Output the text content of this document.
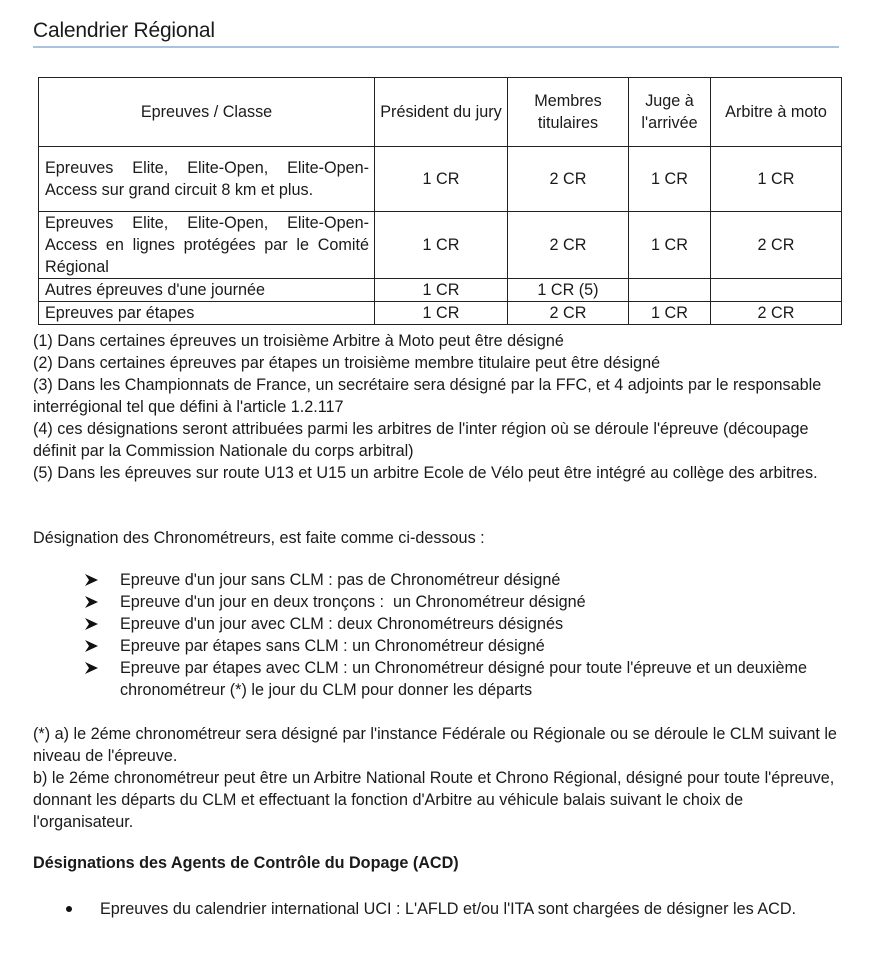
Calendrier Régional
Epreuves / Classe	Président du jury	Membres titulaires	Juge à l'arrivée	Arbitre à moto
Epreuves Elite, Elite-Open, Elite-Open-Access sur grand circuit 8 km et plus.	1 CR	2 CR	1 CR	1 CR
Epreuves Elite, Elite-Open, Elite-Open-Access en lignes protégées par le Comité Régional	1 CR	2 CR	1 CR	2 CR
Autres épreuves d'une journée	1 CR	1 CR (5)		
Epreuves par étapes	1 CR	2 CR	1 CR	2 CR

(1) Dans certaines épreuves un troisième Arbitre à Moto peut être désigné

(2) Dans certaines épreuves par étapes un troisième membre titulaire peut être désigné

(3) Dans les Championnats de France, un secrétaire sera désigné par la FFC, et 4 adjoints par le responsable interrégional tel que défini à l'article 1.2.117

(4) ces désignations seront attribuées parmi les arbitres de l'inter région où se déroule l'épreuve (découpage définit par la Commission Nationale du corps arbitral)

(5) Dans les épreuves sur route U13 et U15 un arbitre Ecole de Vélo peut être intégré au collège des arbitres.

Désignation des Chronométreurs, est faite comme ci-dessous :
Epreuve d'un jour sans CLM : pas de Chronométreur désigné
Epreuve d'un jour en deux tronçons :  un Chronométreur désigné
Epreuve d'un jour avec CLM : deux Chronométreurs désignés
Epreuve par étapes sans CLM : un Chronométreur désigné
Epreuve par étapes avec CLM : un Chronométreur désigné pour toute l'épreuve et un deuxième chronométreur (*) le jour du CLM pour donner les départs

(*) a) le 2éme chronométreur sera désigné par l'instance Fédérale ou Régionale ou se déroule le CLM suivant le niveau de l'épreuve.

b) le 2éme chronométreur peut être un Arbitre National Route et Chrono Régional, désigné pour toute l'épreuve, donnant les départs du CLM et effectuant la fonction d'Arbitre au véhicule balais suivant le choix de l'organisateur.

Désignations des Agents de Contrôle du Dopage (ACD)
Epreuves du calendrier international UCI : L'AFLD et/ou l'ITA sont chargées de désigner les ACD.
